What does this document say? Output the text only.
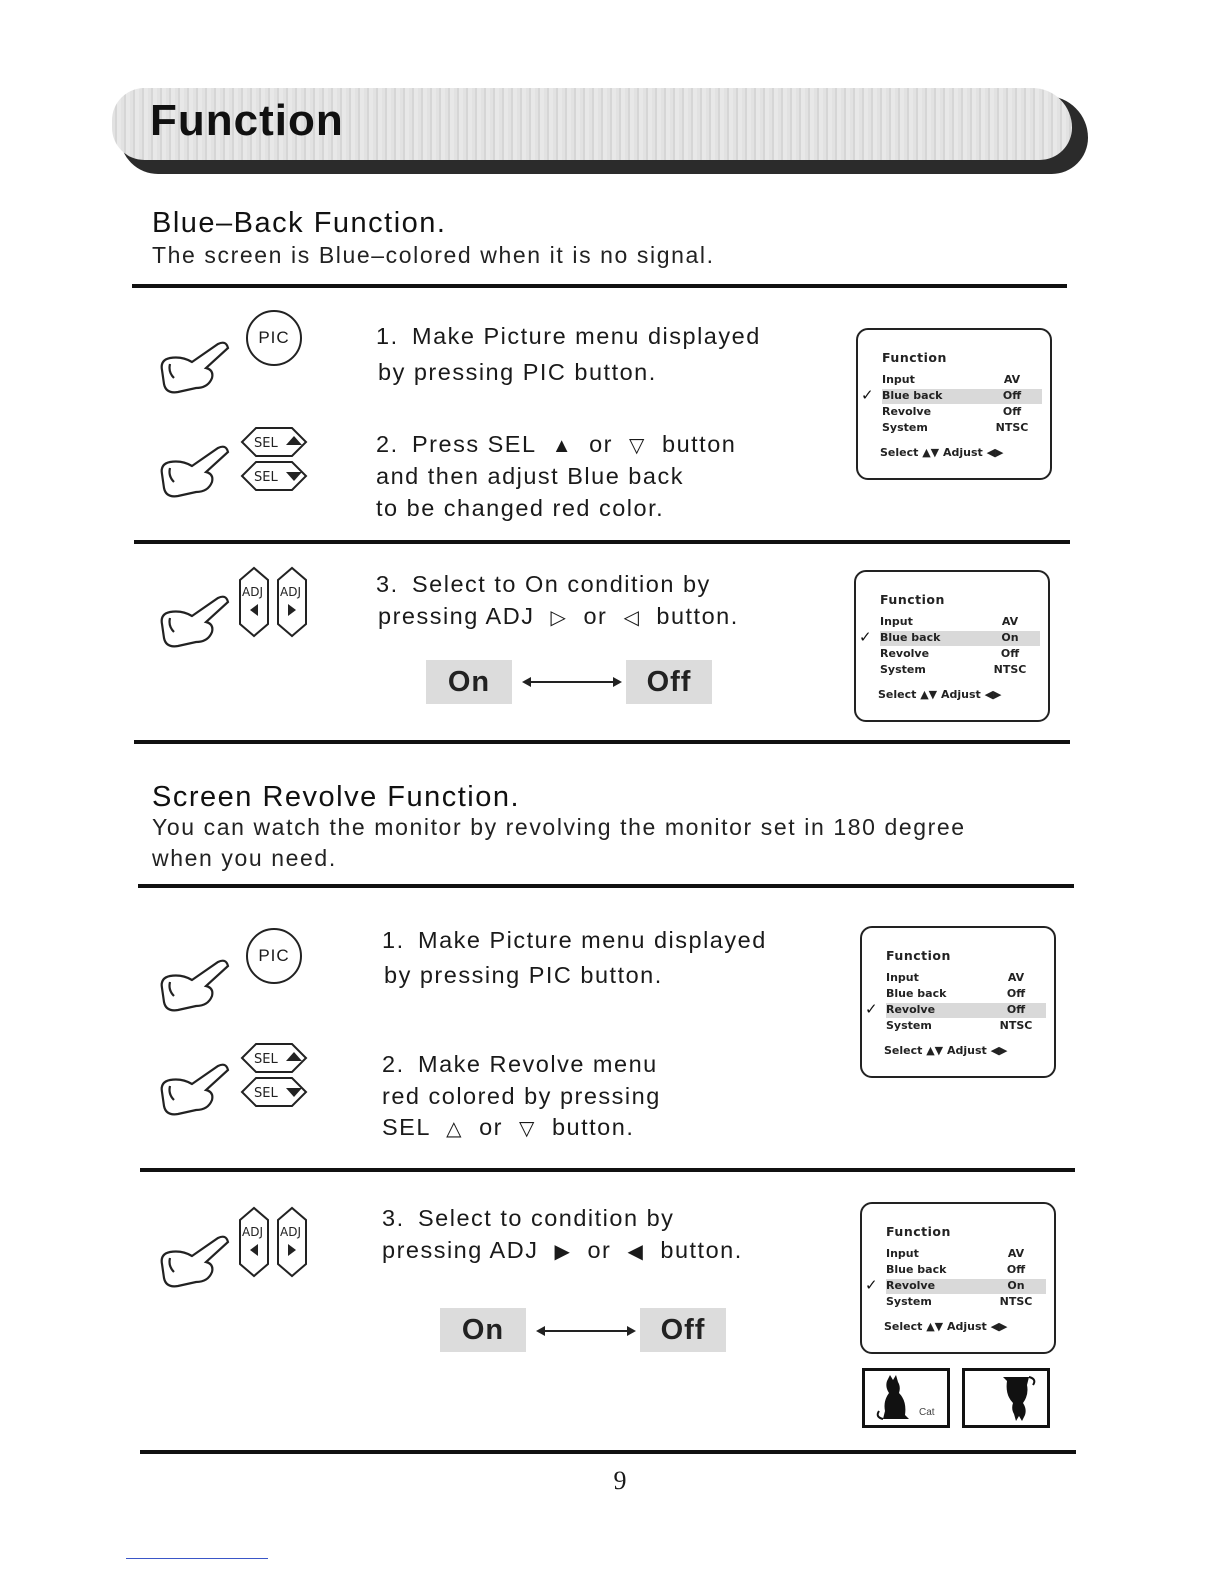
Function
Blue–Back Function.
The screen is Blue–colored when it is no signal.
PIC
SEL
SEL
1. Make Picture menu displayed
by pressing PIC button.
2. Press SEL ▲ or ▽ button
and then adjust Blue back
to be changed red color.
Function
Input	AV
Blue back	Off
✓
Revolve	Off
System	NTSC
Select ▲▼ Adjust ◀▶
ADJ ADJ	3. Select to On condition by
pressing ADJ ▷ or ◁ button.
On	Off
Function
Input	AV
Blue back	On
✓
Revolve	Off
System	NTSC
Select ▲▼ Adjust ◀▶
Screen Revolve Function.
You can watch the monitor by revolving the monitor set in 180 degree
when you need.
PIC
SEL
SEL
1. Make Picture menu displayed
by pressing PIC button.
2. Make Revolve menu
red colored by pressing
SEL △ or ▽ button.
Function
Input	AV
Blue back	Off
Revolve	Off
✓
System	NTSC
Select ▲▼ Adjust ◀▶
ADJ ADJ
3. Select to condition by
pressing ADJ ▶ or ◀ button.
On	Off
Function
Input	AV
Blue back	Off
Revolve	On
✓
System	NTSC
Select ▲▼ Adjust ◀▶
Cat
9
